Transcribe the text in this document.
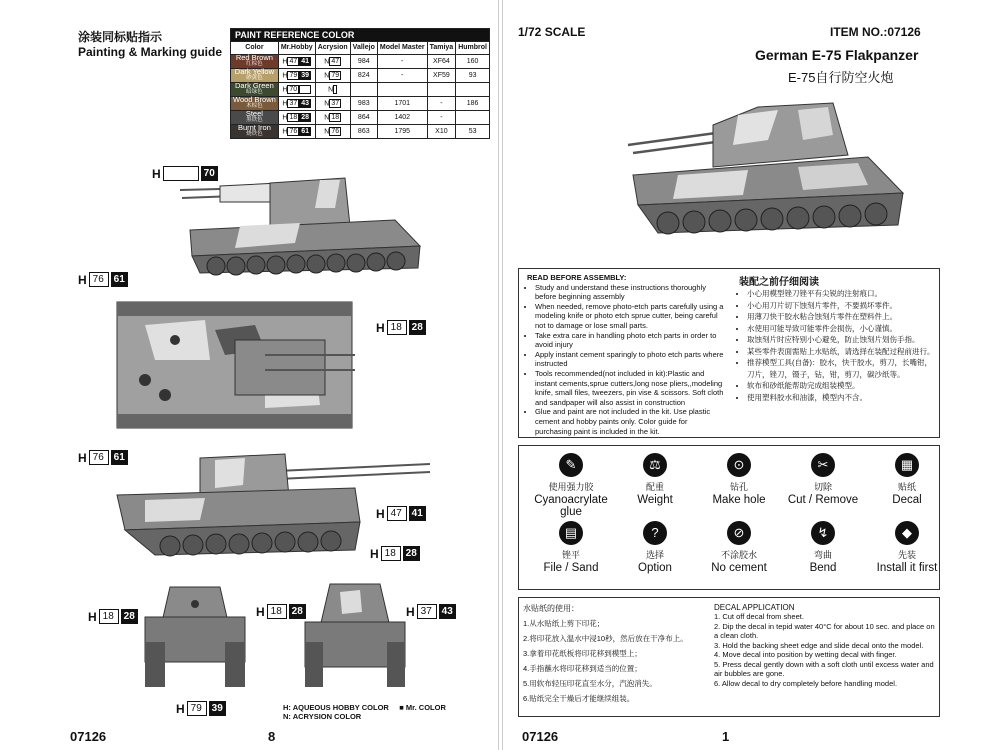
涂装同标贴指示
Painting & Marking guide
PAINT REFERENCE COLOR						
Color	Mr.Hobby	Acrysion	Vallejo	Model Master	Tamiya	Humbrol

Red Brown
红棕色	H 47 41	N 47	984	-	XF64	160

Dark Yellow
砂黄色	H 79 39	N 79	824	-	XF59	93

Dark Green
暗绿色	H 70	N				

Wood Brown
木棕色	H 37 43	N 37	983	1701	-	186

Steel
黑铁色	H 18 28	N 18	864	1402	-	

Burnt Iron
烧铁色	H 76 61	N 76	863	1795	X10	53
H	70
H 76 61
H 18 28
H 76 61
H 47 41
H 18 28
H 18 28	H 18 28	H 37 43
H 79 39	H: AQUEOUS HOBBY COLOR     ■ Mr. COLOR
N: ACRYSION COLOR
07126	8
1/72 SCALE	ITEM NO.:07126
German E-75 Flakpanzer
E-75自行防空火炮
READ BEFORE ASSEMBLY:
• Study and understand these instructions thoroughly before beginning assembly
• When needed, remove photo-etch parts carefully using a modeling knife or photo etch sprue cutter, being careful not to damage or lose small parts.
• Take extra care in handling photo etch parts in order to avoid injury
• Apply instant cement sparingly to photo etch parts where instructed
• Tools recommended(not included in kit):Plastic and instant cements,sprue cutters,long nose pliers,,modeling knife, small files, tweezers, pin vise & scissors. Soft cloth and sandpaper will also assist in construction
• Glue and paint are not included in the kit. Use plastic cement and hobby paints only. Color guide for purchasing paint is included in the kit.
装配之前仔细阅读
• 小心用模型锉刀锉平有尖锐的注射痕口。
• 小心用刀片切下蚀刻片零件，不要损坏零件。
• 用薄刀快干胶水粘合蚀刻片零件在塑料件上。
• 水使用可能导致可能零件会损伤，小心谨慎。
• 取蚀刻片时应特别小心避免，防止蚀刻片划伤手指。
• 某些零件表面需贴上水贴纸，请选择在装配过程前进行。
• 推荐模型工具(自备)：胶水，快干胶水，剪刀，长嘴钳，刀片，锉刀，镊子，钻，钳，剪刀，碳沙纸等。
• 软布和砂纸能帮助完成组装模型。
• 使用塑料胶水和油漆，模型内不含。
✎
使用强力胶
Cyanoacrylate glue
⚖
配重
Weight
⊙
钻孔
Make hole
✂
切除
Cut / Remove
▦
贴纸
Decal
▤
锉平
File / Sand
?
选择
Option
⊘
不涂胶水
No cement
↯
弯曲
Bend
◆
先装
Install it first
水贴纸的使用：
1.从水贴纸上剪下印花；
2.将印花放入温水中浸10秒，然后放在干净布上。
3.拿着印花纸板将印花移到模型上；
4.手指蘸水将印花移到适当的位置；
5.用软布轻压印花直至水分，汽泡消失。
6.贴纸完全干燥后才能继续组装。
DECAL APPLICATION
1. Cut off decal from sheet.
2. Dip the decal in tepid water 40°C for about 10 sec. and place on a clean cloth.
3. Hold the backing sheet edge and slide decal onto the model.
4. Move decal into position by wetting decal with finger.
5. Press decal gently down with a soft cloth until excess water and air bubbles are gone.
6. Allow decal to dry completely before handling model.
07126	1
